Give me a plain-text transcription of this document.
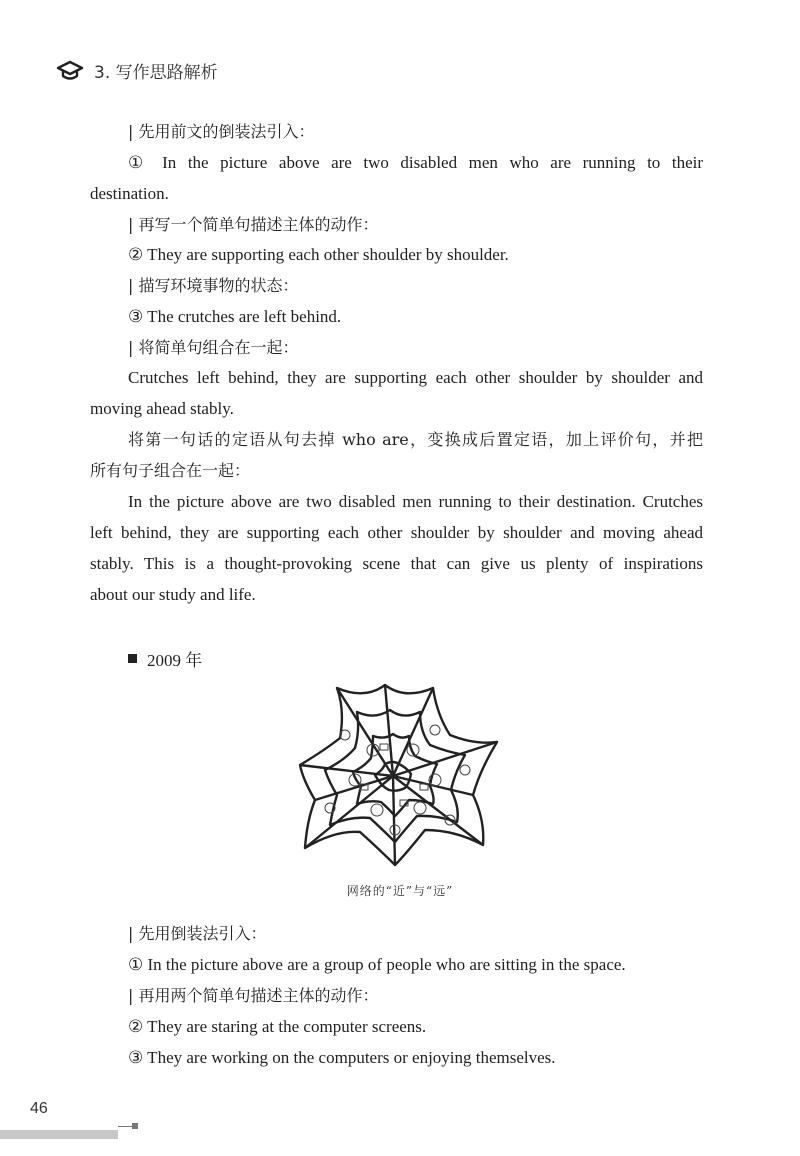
3. 写作思路解析
| 先用前文的倒装法引入：
① In the picture above are two disabled men who are running to their
destination.
| 再写一个简单句描述主体的动作：
② They are supporting each other shoulder by shoulder.
| 描写环境事物的状态：
③ The crutches are left behind.
| 将简单句组合在一起：
Crutches left behind, they are supporting each other shoulder by shoulder and
moving ahead stably.
将第一句话的定语从句去掉 who are，变换成后置定语，加上评价句，并把
所有句子组合在一起：
In the picture above are two disabled men running to their destination. Crutches
left behind, they are supporting each other shoulder by shoulder and moving ahead
stably. This is a thought-provoking scene that can give us plenty of inspirations
about our study and life.
2009 年
网络的“近”与“远”
| 先用倒装法引入：
① In the picture above are a group of people who are sitting in the space.
| 再用两个简单句描述主体的动作：
② They are staring at the computer screens.
③ They are working on the computers or enjoying themselves.
46
